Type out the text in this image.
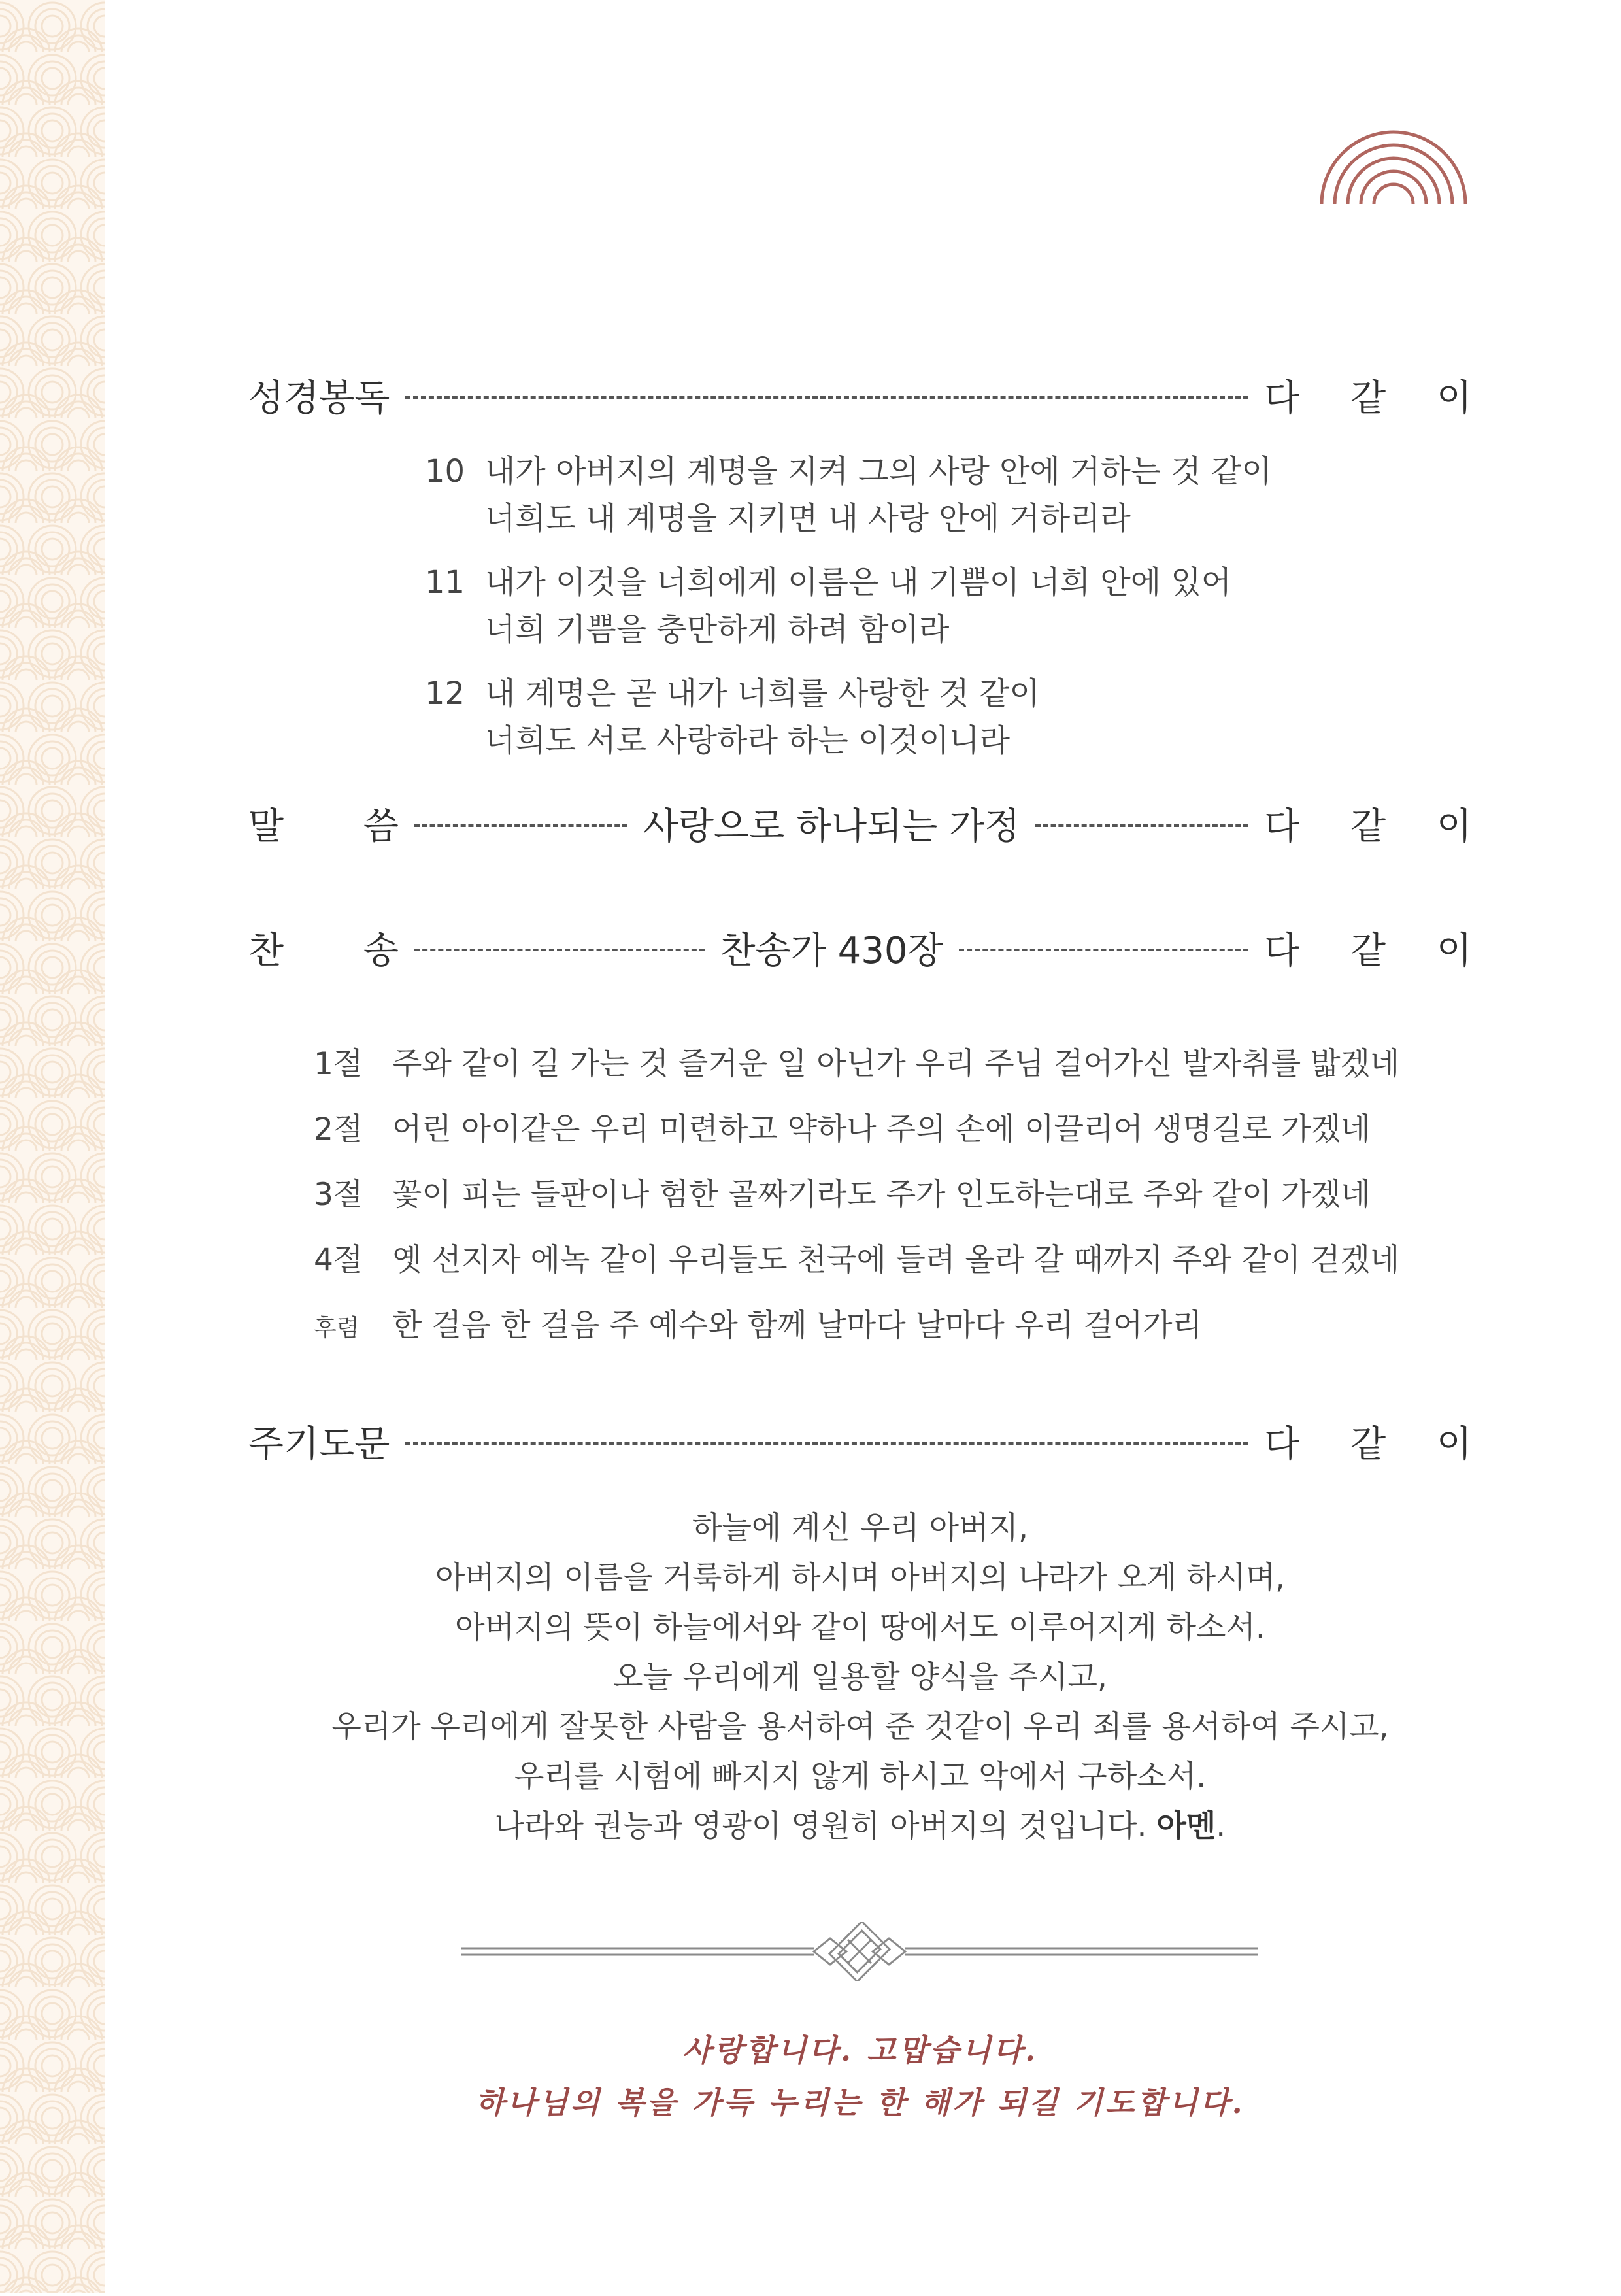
성경봉독	다 같 이
10 내가 아버지의 계명을 지켜 그의 사랑 안에 거하는 것 같이
너희도 내 계명을 지키면 내 사랑 안에 거하리라
11 내가 이것을 너희에게 이름은 내 기쁨이 너희 안에 있어
너희 기쁨을 충만하게 하려 함이라
12 내 계명은 곧 내가 너희를 사랑한 것 같이
너희도 서로 사랑하라 하는 이것이니라
말 씀	사랑으로 하나되는 가정	다 같 이
찬 송	찬송가 430장	다 같 이
1절 주와 같이 길 가는 것 즐거운 일 아닌가 우리 주님 걸어가신 발자취를 밟겠네
2절 어린 아이같은 우리 미련하고 약하나 주의 손에 이끌리어 생명길로 가겠네
3절 꽃이 피는 들판이나 험한 골짜기라도 주가 인도하는대로 주와 같이 가겠네
4절 옛 선지자 에녹 같이 우리들도 천국에 들려 올라 갈 때까지 주와 같이 걷겠네
후렴 한 걸음 한 걸음 주 예수와 함께 날마다 날마다 우리 걸어가리
주기도문	다 같 이
하늘에 계신 우리 아버지,
아버지의 이름을 거룩하게 하시며 아버지의 나라가 오게 하시며,
아버지의 뜻이 하늘에서와 같이 땅에서도 이루어지게 하소서.
오늘 우리에게 일용할 양식을 주시고,
우리가 우리에게 잘못한 사람을 용서하여 준 것같이 우리 죄를 용서하여 주시고,
우리를 시험에 빠지지 않게 하시고 악에서 구하소서.
나라와 권능과 영광이 영원히 아버지의 것입니다. 아멘.
사랑합니다. 고맙습니다.
하나님의 복을 가득 누리는 한 해가 되길 기도합니다.
